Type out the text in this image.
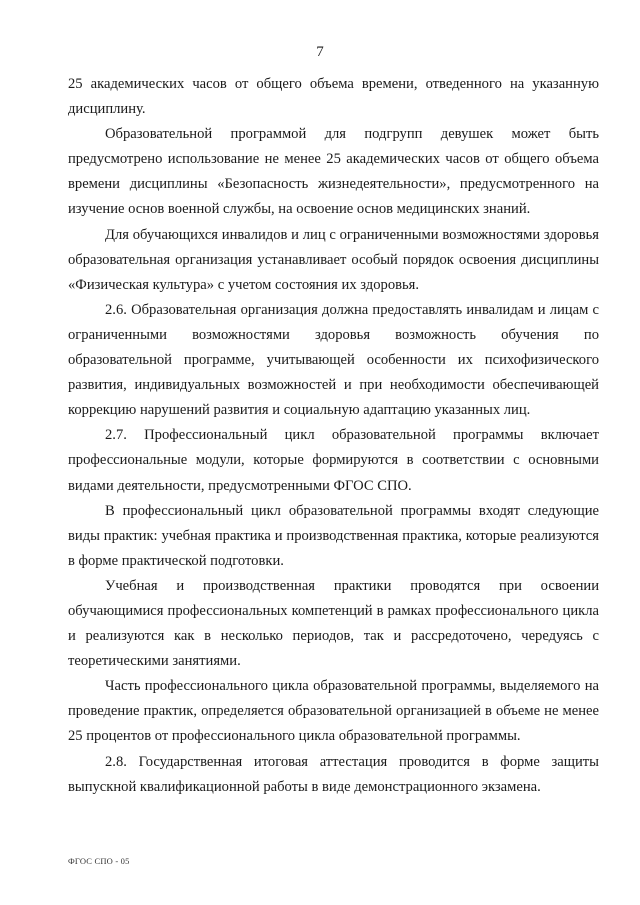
7

25 академических часов от общего объема времени, отведенного на указанную дисциплину.

Образовательной программой для подгрупп девушек может быть предусмотрено использование не менее 25 академических часов от общего объема времени дисциплины «Безопасность жизнедеятельности», предусмотренного на изучение основ военной службы, на освоение основ медицинских знаний.

Для обучающихся инвалидов и лиц с ограниченными возможностями здоровья образовательная организация устанавливает особый порядок освоения дисциплины «Физическая культура» с учетом состояния их здоровья.

2.6. Образовательная организация должна предоставлять инвалидам и лицам с ограниченными возможностями здоровья возможность обучения по образовательной программе, учитывающей особенности их психофизического развития, индивидуальных возможностей и при необходимости обеспечивающей коррекцию нарушений развития и социальную адаптацию указанных лиц.

2.7. Профессиональный цикл образовательной программы включает профессиональные модули, которые формируются в соответствии с основными видами деятельности, предусмотренными ФГОС СПО.

В профессиональный цикл образовательной программы входят следующие виды практик: учебная практика и производственная практика, которые реализуются в форме практической подготовки.

Учебная и производственная практики проводятся при освоении обучающимися профессиональных компетенций в рамках профессионального цикла и реализуются как в несколько периодов, так и рассредоточено, чередуясь с теоретическими занятиями.

Часть профессионального цикла образовательной программы, выделяемого на проведение практик, определяется образовательной организацией в объеме не менее 25 процентов от профессионального цикла образовательной программы.

2.8. Государственная итоговая аттестация проводится в форме защиты выпускной квалификационной работы в виде демонстрационного экзамена.

ФГОС СПО - 05
